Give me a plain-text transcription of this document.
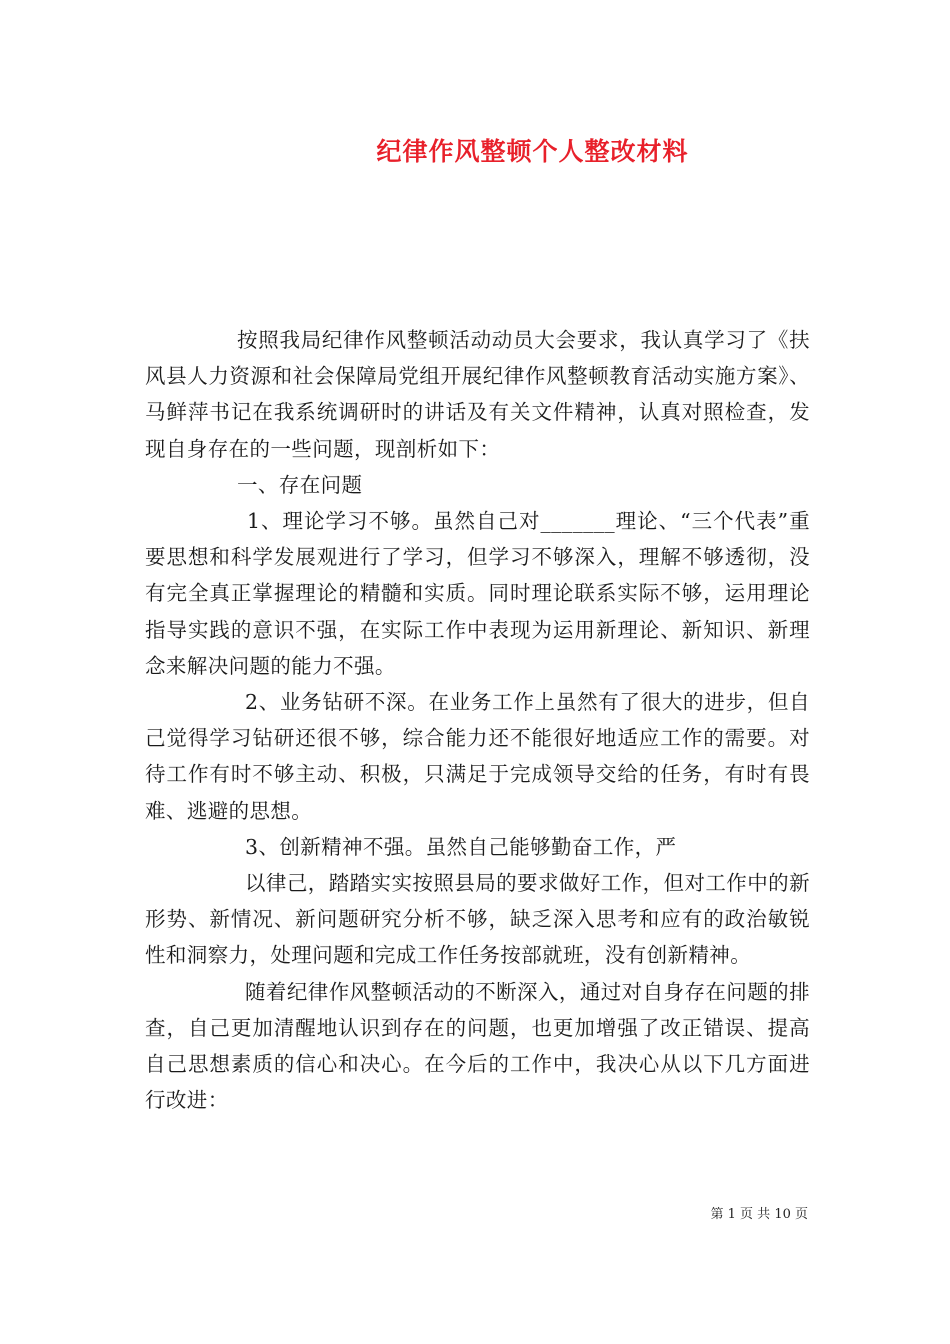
纪律作风整顿个人整改材料

按照我局纪律作风整顿活动动员大会要求，我认真学习了《扶风县人力资源和社会保障局党组开展纪律作风整顿教育活动实施方案》、马鲜萍书记在我系统调研时的讲话及有关文件精神，认真对照检查，发现自身存在的一些问题，现剖析如下：

一、存在问题

1、理论学习不够。虽然自己对_______理论、“三个代表”重要思想和科学发展观进行了学习，但学习不够深入，理解不够透彻，没有完全真正掌握理论的精髓和实质。同时理论联系实际不够，运用理论指导实践的意识不强，在实际工作中表现为运用新理论、新知识、新理念来解决问题的能力不强。

2、业务钻研不深。在业务工作上虽然有了很大的进步，但自己觉得学习钻研还很不够，综合能力还不能很好地适应工作的需要。对待工作有时不够主动、积极，只满足于完成领导交给的任务，有时有畏难、逃避的思想。

3、创新精神不强。虽然自己能够勤奋工作，严

以律己，踏踏实实按照县局的要求做好工作，但对工作中的新形势、新情况、新问题研究分析不够，缺乏深入思考和应有的政治敏锐性和洞察力，处理问题和完成工作任务按部就班，没有创新精神。

随着纪律作风整顿活动的不断深入，通过对自身存在问题的排查，自己更加清醒地认识到存在的问题，也更加增强了改正错误、提高自己思想素质的信心和决心。在今后的工作中，我决心从以下几方面进行改进：

第 1 页 共 10 页
